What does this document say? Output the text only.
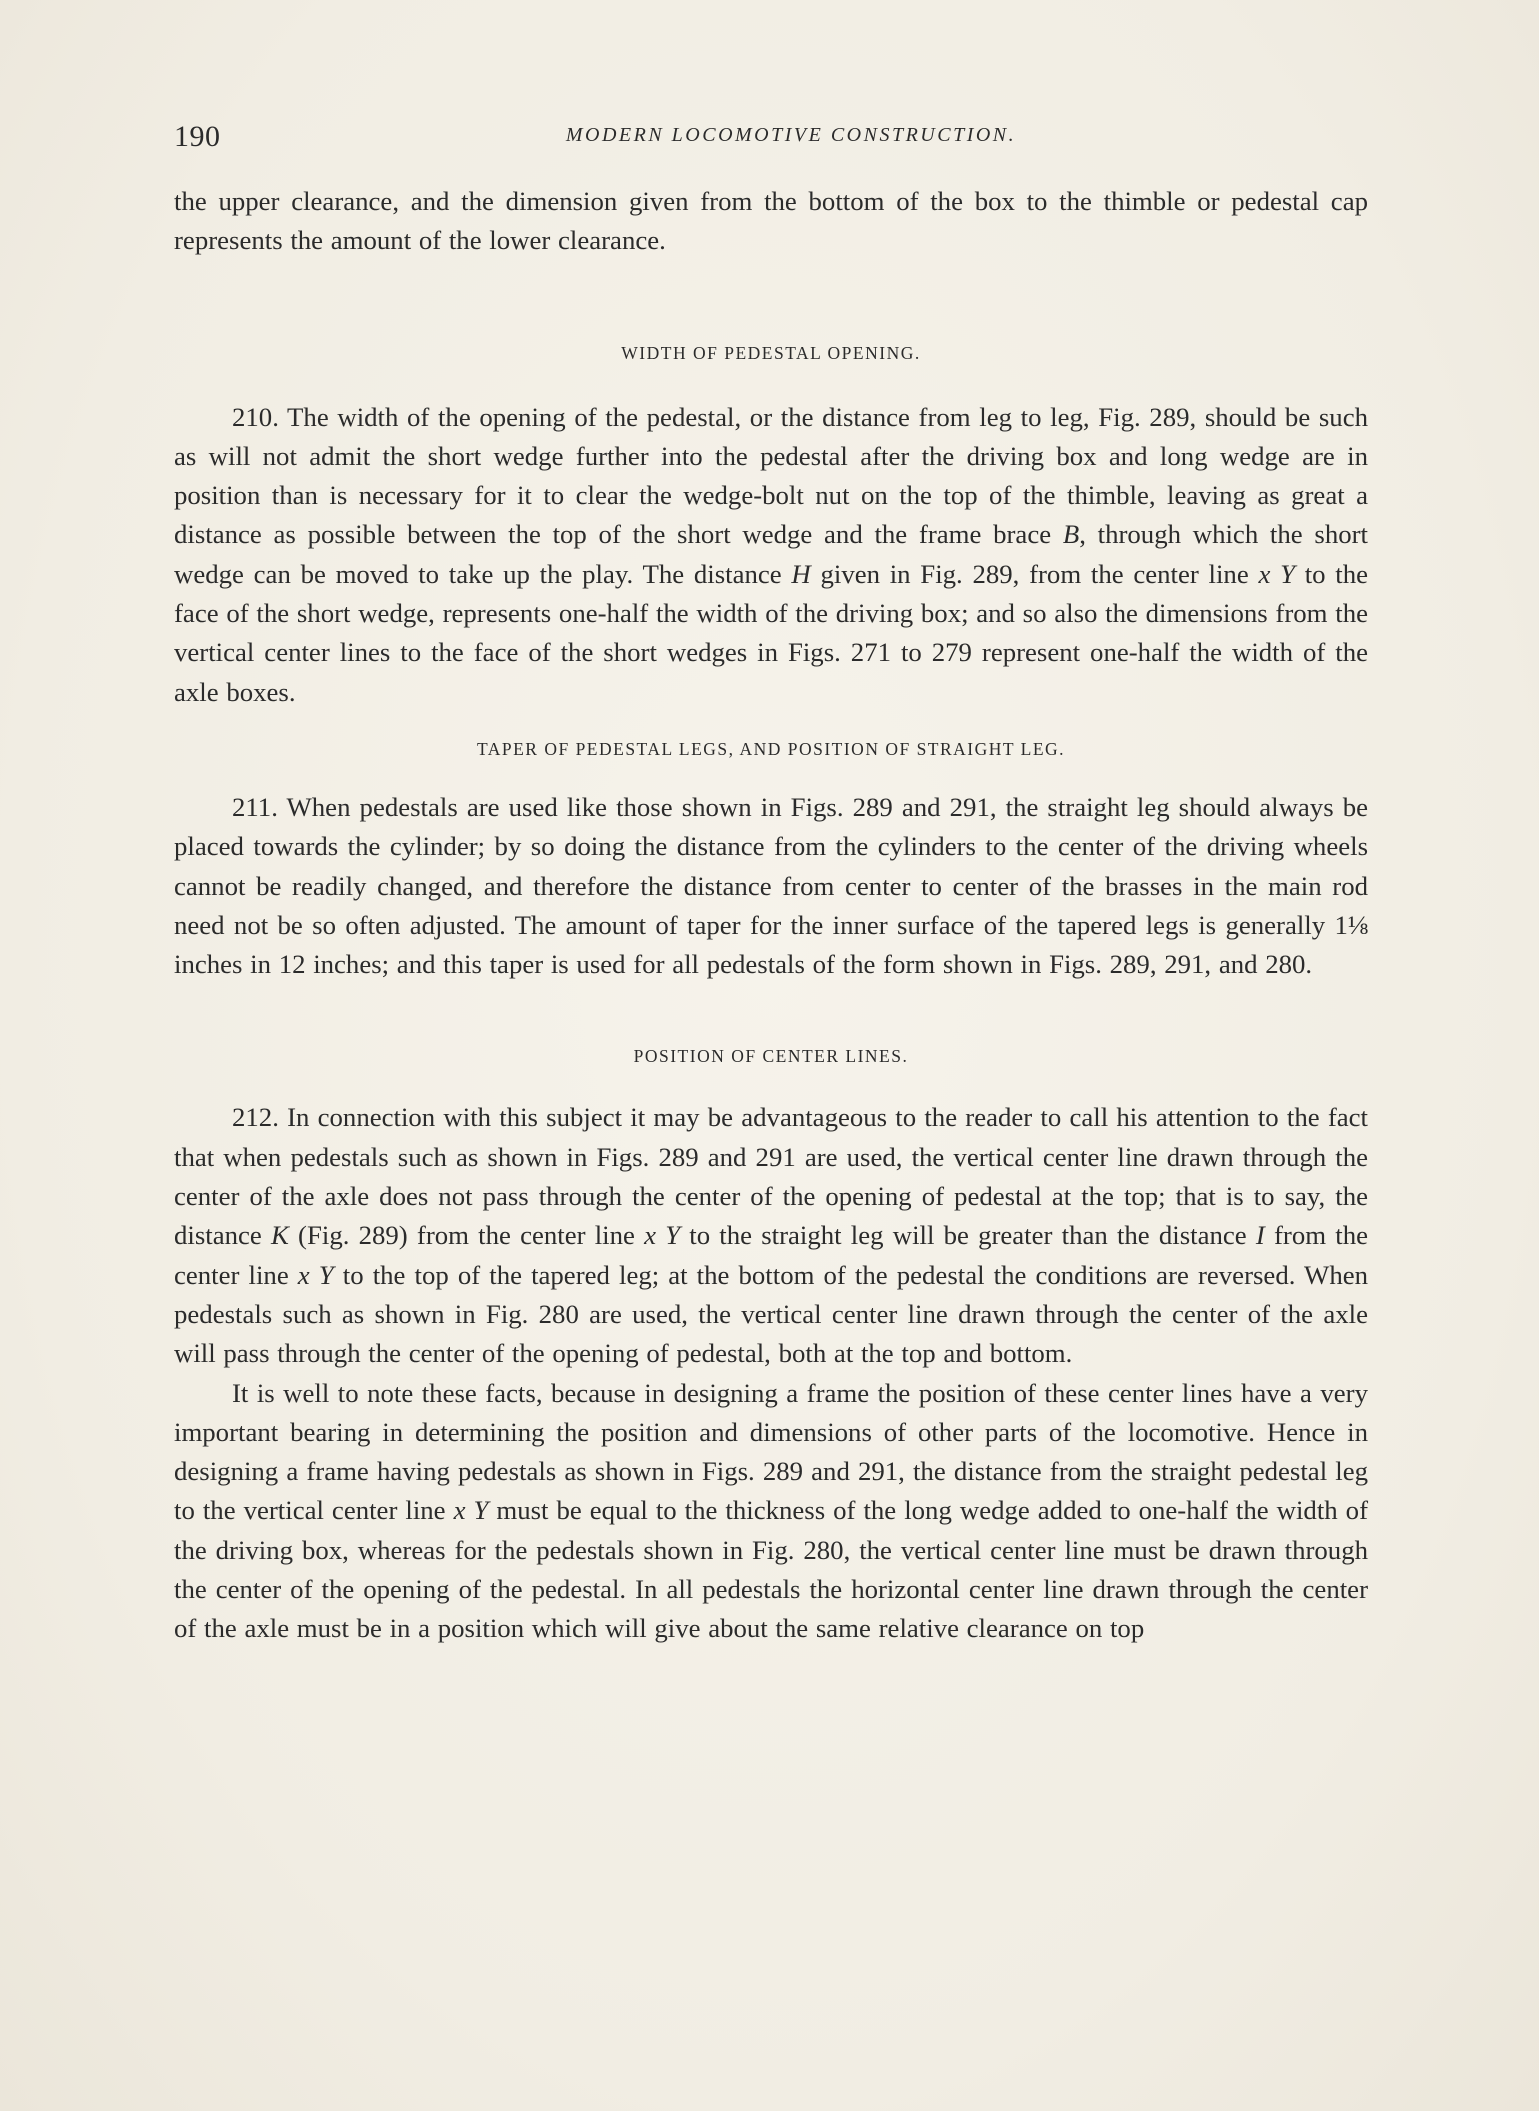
190	MODERN LOCOMOTIVE CONSTRUCTION.

the upper clearance, and the dimension given from the bottom of the box to the thimble or pedestal cap represents the amount of the lower clearance.

WIDTH OF PEDESTAL OPENING.

210. The width of the opening of the pedestal, or the distance from leg to leg, Fig. 289, should be such as will not admit the short wedge further into the pedestal after the driving box and long wedge are in position than is necessary for it to clear the wedge-bolt nut on the top of the thimble, leaving as great a distance as possible between the top of the short wedge and the frame brace B, through which the short wedge can be moved to take up the play. The distance H given in Fig. 289, from the center line x Y to the face of the short wedge, represents one-half the width of the driving box; and so also the dimensions from the vertical center lines to the face of the short wedges in Figs. 271 to 279 represent one-half the width of the axle boxes.

TAPER OF PEDESTAL LEGS, AND POSITION OF STRAIGHT LEG.

211. When pedestals are used like those shown in Figs. 289 and 291, the straight leg should always be placed towards the cylinder; by so doing the distance from the cylinders to the center of the driving wheels cannot be readily changed, and therefore the distance from center to center of the brasses in the main rod need not be so often adjusted. The amount of taper for the inner surface of the tapered legs is generally 1⅛ inches in 12 inches; and this taper is used for all pedestals of the form shown in Figs. 289, 291, and 280.

POSITION OF CENTER LINES.

212. In connection with this subject it may be advantageous to the reader to call his attention to the fact that when pedestals such as shown in Figs. 289 and 291 are used, the vertical center line drawn through the center of the axle does not pass through the center of the opening of pedestal at the top; that is to say, the distance K (Fig. 289) from the center line x Y to the straight leg will be greater than the distance I from the center line x Y to the top of the tapered leg; at the bottom of the pedestal the conditions are reversed. When pedestals such as shown in Fig. 280 are used, the vertical center line drawn through the center of the axle will pass through the center of the opening of pedestal, both at the top and bottom.

It is well to note these facts, because in designing a frame the position of these center lines have a very important bearing in determining the position and dimensions of other parts of the locomotive. Hence in designing a frame having pedestals as shown in Figs. 289 and 291, the distance from the straight pedestal leg to the vertical center line x Y must be equal to the thickness of the long wedge added to one-half the width of the driving box, whereas for the pedestals shown in Fig. 280, the vertical center line must be drawn through the center of the opening of the pedestal. In all pedestals the horizontal center line drawn through the center of the axle must be in a position which will give about the same relative clearance on top
